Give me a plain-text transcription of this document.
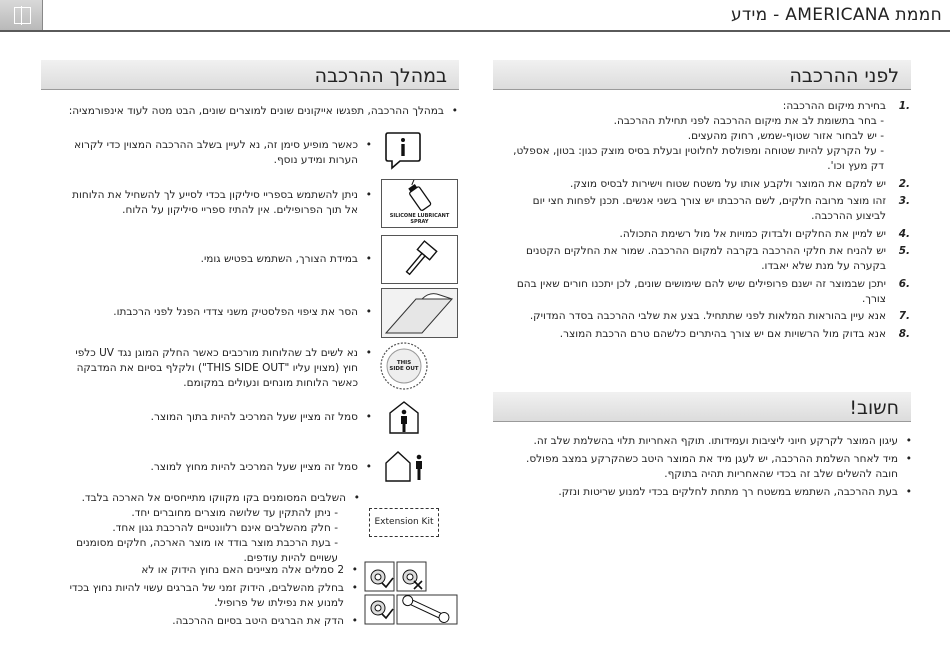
חממת AMERICANA - מידע
במהלך ההרכבה	לפני ההרכבה
.1
בחירת מיקום ההרכבה:
- בחר בתשומת לב את מיקום ההרכבה לפני תחילת ההרכבה.
- יש לבחור אזור שטוף-שמש, רחוק מהעצים.
- על הקרקע להיות שטוחה ומפולסת לחלוטין ובעלת בסיס מוצק כגון: בטון, אספלט, דק מעץ וכו'.
.2
יש למקם את המוצר ולקבע אותו על משטח שטוח וישירות לבסיס מוצק.
.3
זהו מוצר מרובה חלקים, לשם הרכבתו יש צורך בשני אנשים. תכנן לפחות חצי יום לביצוע ההרכבה.
.4
יש למיין את החלקים ולבדוק כמויות אל מול רשימת התכולה.
.5
יש להניח את חלקי ההרכבה בקרבה למקום ההרכבה. שמור את החלקים הקטנים בקערה על מנת שלא יאבדו.
.6
יתכן שבמוצר זה ישנם פרופילים שיש להם שימושים שונים, לכן יתכנו חורים שאין בהם צורך.
.7
אנא עיין בהוראות המלאות לפני שתתחיל. בצע את שלבי ההרכבה בסדר המדויק.
.8
אנא בדוק מול הרשויות אם יש צורך בהיתרים כלשהם טרם הרכבת המוצר.
חשוב!
• עיגון המוצר לקרקע חיוני ליציבות ועמידותו. תוקף האחריות תלוי בהשלמת שלב זה.
• מיד לאחר השלמת ההרכבה, יש לעגן מיד את המוצר היטב כשהקרקע במצב מפולס. חובה להשלים שלב זה בכדי שהאחריות תהיה בתוקף.
• בעת ההרכבה, השתמש במשטח רך מתחת לחלקים בכדי למנוע שריטות ונזק.
• במהלך ההרכבה, תפגשו אייקונים שונים למוצרים שונים, הבט מטה לעוד אינפורמציה:
SILICONE LUBRICANT SPRAY
THIS SIDE OUT
Extension Kit
• כאשר מופיע סימן זה, נא לעיין בשלב ההרכבה המצוין כדי לקרוא הערות ומידע נוסף.
• ניתן להשתמש בספריי סיליקון בכדי לסייע לך להשחיל את הלוחות אל תוך הפרופילים. אין להתיז ספריי סיליקון על הלוח.
• במידת הצורך, השתמש בפטיש גומי.
• הסר את ציפוי הפלסטיק משני צדדי הפנל לפני הרכבתו.
• נא לשים לב שהלוחות מורכבים כאשר החלק המוגן נגד UV כלפי חוץ (מצוין עליו "THIS SIDE OUT") ולקלף בסיום את המדבקה כאשר הלוחות מונחים ונעולים במקומם.
• סמל זה מציין שעל המרכיב להיות בתוך המוצר.
• סמל זה מציין שעל המרכיב להיות מחוץ למוצר.
• השלבים המסומנים בקו מקווקו מתייחסים אל הארכה בלבד.
- ניתן להתקין עד שלושה מוצרים מחוברים יחד.
- חלק מהשלבים אינם רלוונטיים להרכבת גגון אחד.
- בעת הרכבת מוצר בודד או מוצר הארכה, חלקים מסומנים עשויים להיות עודפים.
• 2 סמלים אלה מציינים האם נחוץ הידוק או לא
• בחלק מהשלבים, הידוק זמני של הברגים עשוי להיות נחוץ בכדי למנוע את נפילתו של פרופיל.
• הדק את הברגים היטב בסיום ההרכבה.
